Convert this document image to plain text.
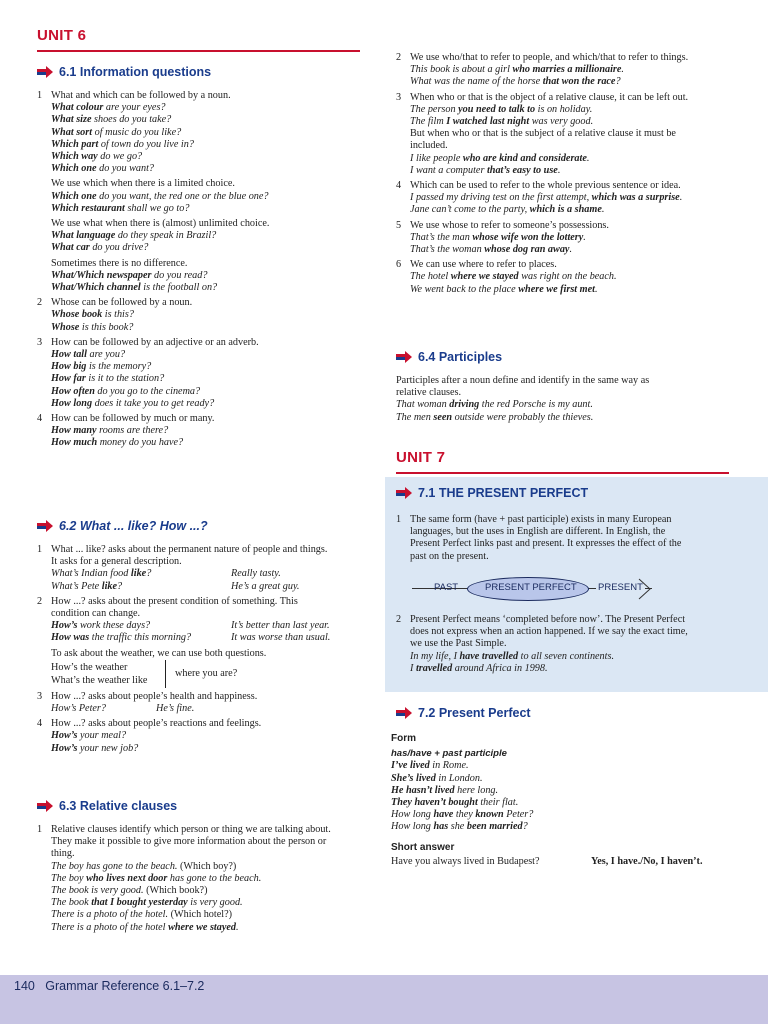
UNIT 6
6.1 Information questions
1 What and which can be followed by a noun.
What colour are your eyes?
What size shoes do you take?
What sort of music do you like?
Which part of town do you live in?
Which way do we go?
Which one do you want?
We use which when there is a limited choice.
Which one do you want, the red one or the blue one?
Which restaurant shall we go to?
We use what when there is (almost) unlimited choice.
What language do they speak in Brazil?
What car do you drive?
Sometimes there is no difference.
What/Which newspaper do you read?
What/Which channel is the football on?
2 Whose can be followed by a noun.
Whose book is this?
Whose is this book?
3 How can be followed by an adjective or an adverb.
How tall are you?
How big is the memory?
How far is it to the station?
How often do you go to the cinema?
How long does it take you to get ready?
4 How can be followed by much or many.
How many rooms are there?
How much money do you have?
6.2 What ... like? How ...?
1 What ... like? asks about the permanent nature of people and things.
It asks for a general description.
What’s Indian food like?	Really tasty.
What’s Pete like?	He’s a great guy.
2 How ...? asks about the present condition of something. This
condition can change.
How’s work these days?	It’s better than last year.
How was the traffic this morning?	It was worse than usual.
To ask about the weather, we can use both questions.
How’s the weather
What’s the weather like
where you are?
3 How ...? asks about people’s health and happiness.
How’s Peter?	He’s fine.
4 How ...? asks about people’s reactions and feelings.
How’s your meal?
How’s your new job?
6.3 Relative clauses
1 Relative clauses identify which person or thing we are talking about.
They make it possible to give more information about the person or
thing.
The boy has gone to the beach. (Which boy?)
The boy who lives next door has gone to the beach.
The book is very good. (Which book?)
The book that I bought yesterday is very good.
There is a photo of the hotel. (Which hotel?)
There is a photo of the hotel where we stayed.
2 We use who/that to refer to people, and which/that to refer to things.
This book is about a girl who marries a millionaire.
What was the name of the horse that won the race?
3 When who or that is the object of a relative clause, it can be left out.
The person you need to talk to is on holiday.
The film I watched last night was very good.
But when who or that is the subject of a relative clause it must be
included.
I like people who are kind and considerate.
I want a computer that’s easy to use.
4 Which can be used to refer to the whole previous sentence or idea.
I passed my driving test on the first attempt, which was a surprise.
Jane can’t come to the party, which is a shame.
5 We use whose to refer to someone’s possessions.
That’s the man whose wife won the lottery.
That’s the woman whose dog ran away.
6 We can use where to refer to places.
The hotel where we stayed was right on the beach.
We went back to the place where we first met.
6.4 Participles
Participles after a noun define and identify in the same way as
relative clauses.
That woman driving the red Porsche is my aunt.
The men seen outside were probably the thieves.
UNIT 7
7.1 THE PRESENT PERFECT
1 The same form (have + past participle) exists in many European
languages, but the uses in English are different. In English, the
Present Perfect links past and present. It expresses the effect of the
past on the present.
PAST	PRESENT PERFECT PRESENT
2 Present Perfect means ‘completed before now’. The Present Perfect
does not express when an action happened. If we say the exact time,
we use the Past Simple.
In my life, I have travelled to all seven continents.
I travelled around Africa in 1998.
7.2 Present Perfect
Form
has/have + past participle
I’ve lived in Rome.
She’s lived in London.
He hasn’t lived here long.
They haven’t bought their flat.
How long have they known Peter?
How long has she been married?
Short answer
Have you always lived in Budapest?	Yes, I have./No, I haven’t.
140 Grammar Reference 6.1–7.2
